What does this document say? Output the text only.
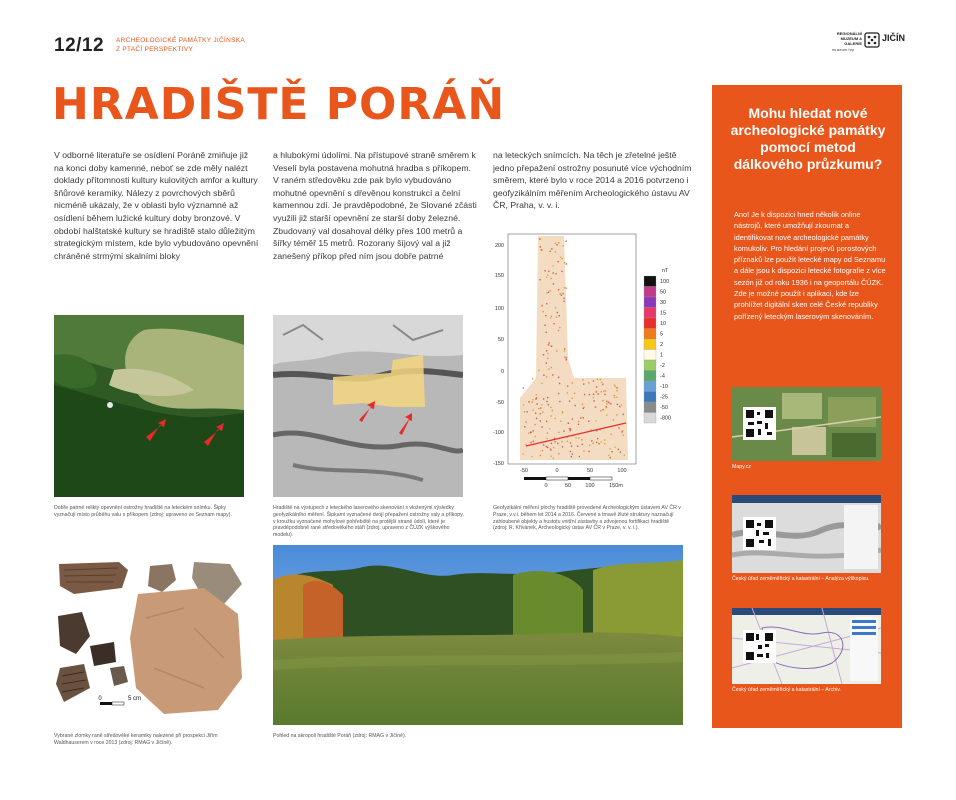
12/12 ARCHEOLOGICKÉ PAMÁTKY JIČÍNSKA
Z PTAČÍ PERSPEKTIVY
REGIONÁLNÍ MUZEUM A GALERIE
muzeum hry
JIČÍN
HRADIŠTĚ PORÁŇ
V odborné literatuře se osídlení Poráně zmiňuje již na konci doby kamenné, neboť se zde měly nalézt doklady přítomnosti kultury kulovitých amfor a kultury šňůrové keramiky. Nálezy z povrchových sběrů nicméně ukázaly, že v oblasti bylo významné až osídlení během lužické kultury doby bronzové. V období halštatské kultury se hradiště stalo důležitým strategickým místem, kde bylo vybudováno opevnění chráněné strmými skalními bloky
a hlubokými údolími. Na přístupové straně směrem k Veselí byla postavena mohutná hradba s příkopem. V raném středověku zde pak bylo vybudováno mohutné opevnění s dřevěnou konstrukcí a čelní kamennou zdí. Je pravděpodobné, že Slované zčásti využili již starší opevnění ze starší doby železné. Zbudovaný val dosahoval délky přes 100 metrů a šířky téměř 15 metrů. Rozorany šíjový val a již zanešený příkop před ním jsou dobře patrné
na leteckých snímcích. Na těch je zřetelné ještě jedno přepažení ostrožny posunuté více východním směrem, které bylo v roce 2014 a 2016 potvrzeno i geofyzikálním měřením Archeologického ústavu AV ČR, Praha, v. v. i.
Dobře patrné relikty opevnění ostrožny hradiště na leteckém snímku. Šipky vyznačují místo průběhu valu s příkopem (zdroj: upraveno ze Seznam mapy).
Hradiště na výstupech z leteckého laserového skenování s vloženými výsledky geofyzikálního měření. Šipkami vyznačené dvojí přepažení ostrožny valy a příkopy, v kroužku vyznačené mohylové pohřebiště na protější straně údolí, které je pravděpodobně raně středověkého stáří (zdroj: upraveno z ČÚZK výškového modelu).
200
150
100
50
0
-50
-100
-150
-50	0	50	100
0	50	100	150m
nT
100
50
30
15
10
5
2
1
-2
-4
-10
-25
-50
-800
Geofyzikální měření plochy hradiště provedené Archeologickým ústavem AV ČR v Praze, v.v.i. během let 2014 a 2016. Červené a tmavě žluté struktury naznačují zahloubené objekty a hustotu vnitřní zástavby a zdvojenou fortifikaci hradiště (zdroj: R. Křivánek, Archeologický ústav AV ČR v Praze, v. v. i.).
0	5 cm
Vybrané zlomky raně středověké keramiky nalezené při prospekci Jiřím Waldhauserem v roce 2013 (zdroj: RMAG v Jičíně).
Pohled na akropoli hradiště Poráň (zdroj: RMAG v Jičíně).
Mohu hledat nové archeologické památky pomocí metod dálkového průzkumu?

Ano! Je k dispozici hned několik online nástrojů, které umožňují zkoumat a identifikovat nové archeologické památky komukoliv. Pro hledání projevů porostových příznaků lze použít letecké mapy od Seznamu a dále jsou k dispozici letecké fotografie z více sezón již od roku 1936 i na geoportálu ČÚZK. Zde je možné použít i aplikaci, kde lze prohlížet digitální sken celé České republiky pořízený leteckým laserovým skenováním.

Mapy.cz
Český úřad zeměměřický a katastrální – Analýza výškopisu.
Český úřad zeměměřický a katastrální – Archiv.
